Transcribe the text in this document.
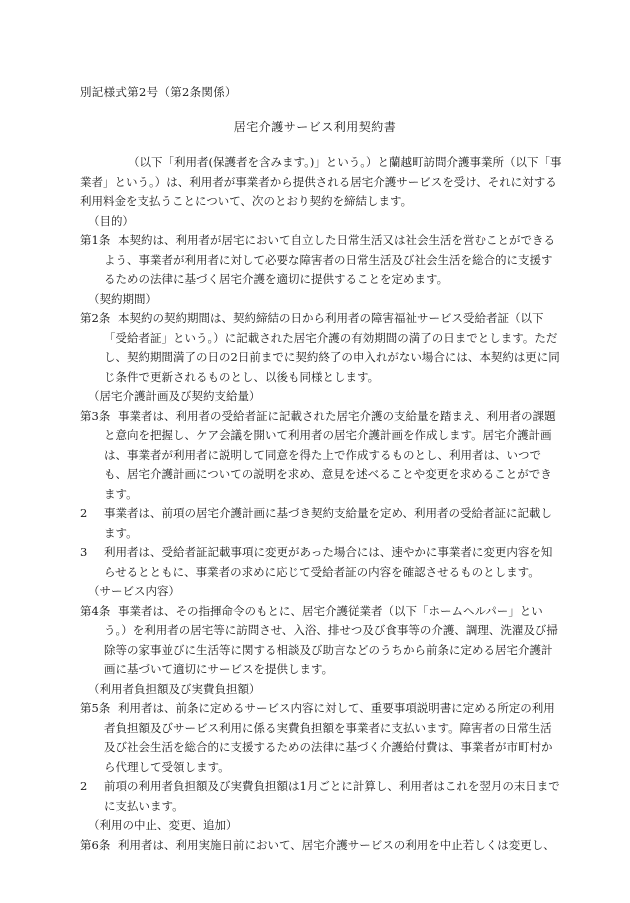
別記様式第2号（第2条関係）
居宅介護サービス利用契約書

（以下「利用者(保護者を含みます。)」という。）と蘭越町訪問介護事業所（以下「事業者」という。）は、利用者が事業者から提供される居宅介護サービスを受け、それに対する利用料金を支払うことについて、次のとおり契約を締結します。

（目的）

第1条 本契約は、利用者が居宅において自立した日常生活又は社会生活を営むことができるよう、事業者が利用者に対して必要な障害者の日常生活及び社会生活を総合的に支援するための法律に基づく居宅介護を適切に提供することを定めます。

（契約期間）

第2条 本契約の契約期間は、契約締結の日から利用者の障害福祉サービス受給者証（以下「受給者証」という。）に記載された居宅介護の有効期間の満了の日までとします。ただし、契約期間満了の日の2日前までに契約終了の申入れがない場合には、本契約は更に同じ条件で更新されるものとし、以後も同様とします。

（居宅介護計画及び契約支給量）

第3条 事業者は、利用者の受給者証に記載された居宅介護の支給量を踏まえ、利用者の課題と意向を把握し、ケア会議を開いて利用者の居宅介護計画を作成します。居宅介護計画は、事業者が利用者に説明して同意を得た上で作成するものとし、利用者は、いつでも、居宅介護計画についての説明を求め、意見を述べることや変更を求めることができます。

2 事業者は、前項の居宅介護計画に基づき契約支給量を定め、利用者の受給者証に記載します。

3 利用者は、受給者証記載事項に変更があった場合には、速やかに事業者に変更内容を知らせるとともに、事業者の求めに応じて受給者証の内容を確認させるものとします。

（サービス内容）

第4条 事業者は、その指揮命令のもとに、居宅介護従業者（以下「ホームヘルパー」という。）を利用者の居宅等に訪問させ、入浴、排せつ及び食事等の介護、調理、洗濯及び掃除等の家事並びに生活等に関する相談及び助言などのうちから前条に定める居宅介護計画に基づいて適切にサービスを提供します。

（利用者負担額及び実費負担額）

第5条 利用者は、前条に定めるサービス内容に対して、重要事項説明書に定める所定の利用者負担額及びサービス利用に係る実費負担額を事業者に支払います。障害者の日常生活及び社会生活を総合的に支援するための法律に基づく介護給付費は、事業者が市町村から代理して受領します。

2 前項の利用者負担額及び実費負担額は1月ごとに計算し、利用者はこれを翌月の末日までに支払います。

（利用の中止、変更、追加）

第6条 利用者は、利用実施日前において、居宅介護サービスの利用を中止若しくは変更し、
